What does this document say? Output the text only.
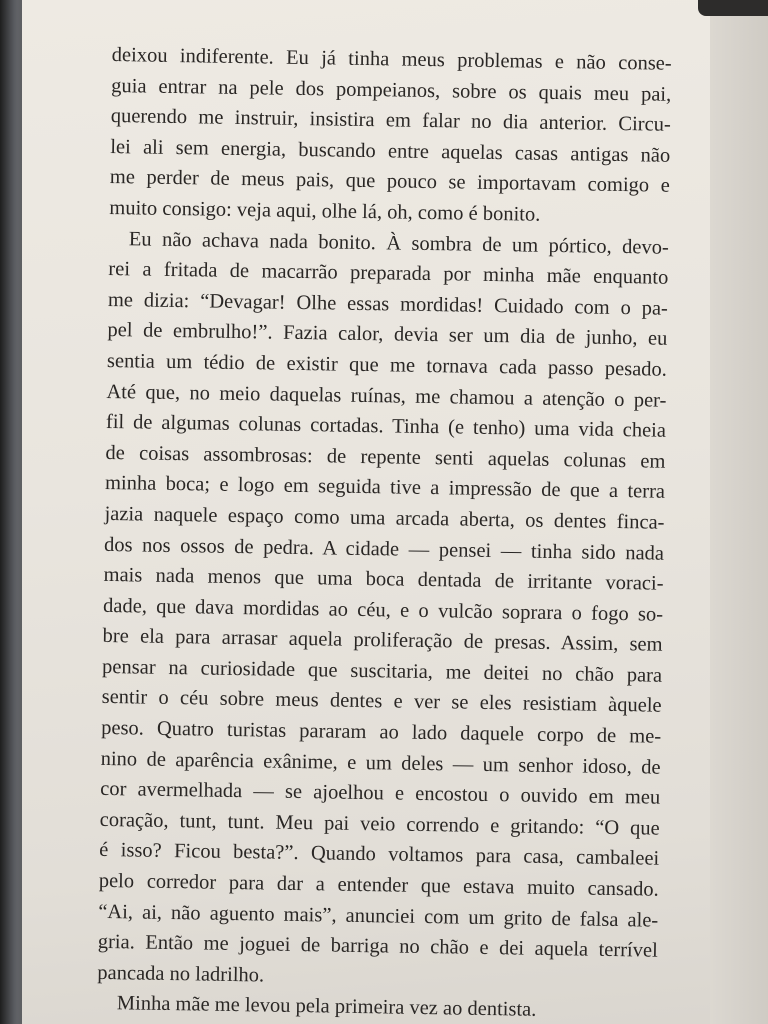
deixou indiferente. Eu já tinha meus problemas e não conse-
guia entrar na pele dos pompeianos, sobre os quais meu pai,
querendo me instruir, insistira em falar no dia anterior. Circu-
lei ali sem energia, buscando entre aquelas casas antigas não
me perder de meus pais, que pouco se importavam comigo e
muito consigo: veja aqui, olhe lá, oh, como é bonito.
Eu não achava nada bonito. À sombra de um pórtico, devo-
rei a fritada de macarrão preparada por minha mãe enquanto
me dizia: “Devagar! Olhe essas mordidas! Cuidado com o pa-
pel de embrulho!”. Fazia calor, devia ser um dia de junho, eu
sentia um tédio de existir que me tornava cada passo pesado.
Até que, no meio daquelas ruínas, me chamou a atenção o per-
fil de algumas colunas cortadas. Tinha (e tenho) uma vida cheia
de coisas assombrosas: de repente senti aquelas colunas em
minha boca; e logo em seguida tive a impressão de que a terra
jazia naquele espaço como uma arcada aberta, os dentes finca-
dos nos ossos de pedra. A cidade — pensei — tinha sido nada
mais nada menos que uma boca dentada de irritante voraci-
dade, que dava mordidas ao céu, e o vulcão soprara o fogo so-
bre ela para arrasar aquela proliferação de presas. Assim, sem
pensar na curiosidade que suscitaria, me deitei no chão para
sentir o céu sobre meus dentes e ver se eles resistiam àquele
peso. Quatro turistas pararam ao lado daquele corpo de me-
nino de aparência exânime, e um deles — um senhor idoso, de
cor avermelhada — se ajoelhou e encostou o ouvido em meu
coração, tunt, tunt. Meu pai veio correndo e gritando: “O que
é isso? Ficou besta?”. Quando voltamos para casa, cambaleei
pelo corredor para dar a entender que estava muito cansado.
“Ai, ai, não aguento mais”, anunciei com um grito de falsa ale-
gria. Então me joguei de barriga no chão e dei aquela terrível
pancada no ladrilho.
Minha mãe me levou pela primeira vez ao dentista.
